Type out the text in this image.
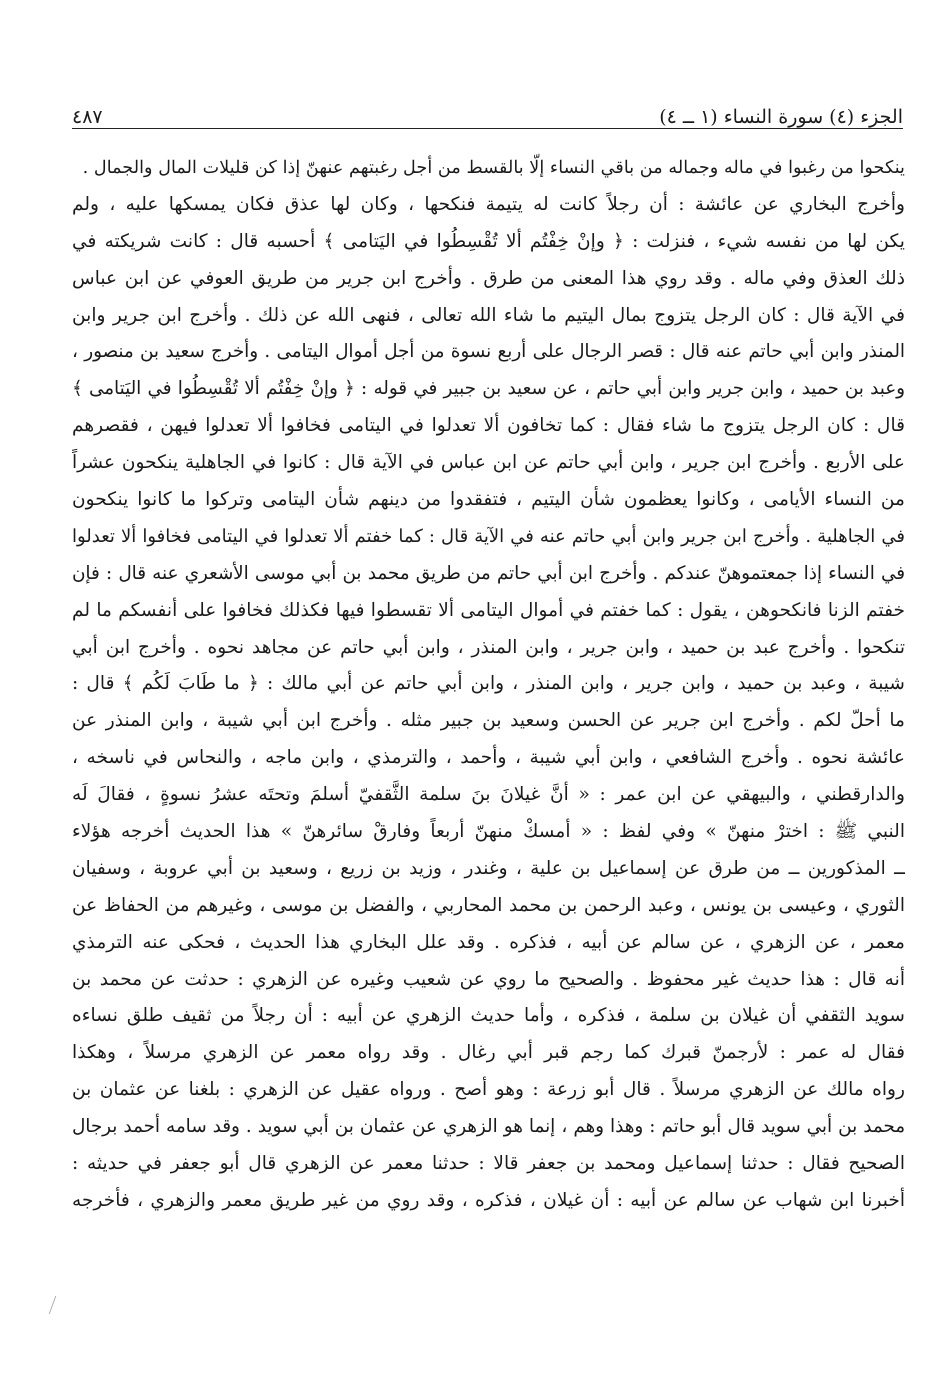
الجزء (٤) سورة النساء (١ ــ ٤)
٤٨٧
ينكحوا من رغبوا في ماله وجماله من باقي النساء إلّا بالقسط من أجل رغبتهم عنهنّ إذا كن قليلات المال والجمال .
وأخرج البخاري عن عائشة : أن رجلاً كانت له يتيمة فنكحها ، وكان لها عذق فكان يمسكها عليه ، ولم
يكن لها من نفسه شيء ، فنزلت : ﴿ وإنْ خِفْتُم ألا تُقْسِطُوا في اليَتامى ﴾ أحسبه قال : كانت شريكته في
ذلك العذق وفي ماله . وقد روي هذا المعنى من طرق . وأخرج ابن جرير من طريق العوفي عن ابن عباس
في الآية قال : كان الرجل يتزوج بمال اليتيم ما شاء الله تعالى ، فنهى الله عن ذلك . وأخرج ابن جرير وابن
المنذر وابن أبي حاتم عنه قال : قصر الرجال على أربع نسوة من أجل أموال اليتامى . وأخرج سعيد بن منصور ،
وعبد بن حميد ، وابن جرير وابن أبي حاتم ، عن سعيد بن جبير في قوله : ﴿ وإنْ خِفْتُم ألا تُقْسِطُوا في اليَتامى ﴾
قال : كان الرجل يتزوج ما شاء فقال : كما تخافون ألا تعدلوا في اليتامى فخافوا ألا تعدلوا فيهن ، فقصرهم
على الأربع . وأخرج ابن جرير ، وابن أبي حاتم عن ابن عباس في الآية قال : كانوا في الجاهلية ينكحون عشراً
من النساء الأيامى ، وكانوا يعظمون شأن اليتيم ، فتفقدوا من دينهم شأن اليتامى وتركوا ما كانوا ينكحون
في الجاهلية . وأخرج ابن جرير وابن أبي حاتم عنه في الآية قال : كما خفتم ألا تعدلوا في اليتامى فخافوا ألا تعدلوا
في النساء إذا جمعتموهنّ عندكم . وأخرج ابن أبي حاتم من طريق محمد بن أبي موسى الأشعري عنه قال : فإن
خفتم الزنا فانكحوهن ، يقول : كما خفتم في أموال اليتامى ألا تقسطوا فيها فكذلك فخافوا على أنفسكم ما لم
تنكحوا . وأخرج عبد بن حميد ، وابن جرير ، وابن المنذر ، وابن أبي حاتم عن مجاهد نحوه . وأخرج ابن أبي
شيبة ، وعبد بن حميد ، وابن جرير ، وابن المنذر ، وابن أبي حاتم عن أبي مالك : ﴿ ما طَابَ لَكُم ﴾ قال :
ما أحلّ لكم . وأخرج ابن جرير عن الحسن وسعيد بن جبير مثله . وأخرج ابن أبي شيبة ، وابن المنذر عن
عائشة نحوه . وأخرج الشافعي ، وابن أبي شيبة ، وأحمد ، والترمذي ، وابن ماجه ، والنحاس في ناسخه ،
والدارقطني ، والبيهقي عن ابن عمر : « أنَّ غيلانَ بنَ سلمة الثَّقفيّ أسلمَ وتحتَه عشرُ نسوةٍ ، فقالَ لَه
النبي ﷺ : اخترْ منهنّ » وفي لفظ : « أمسكْ منهنّ أربعاً وفارقْ سائرهنّ » هذا الحديث أخرجه هؤلاء
ــ المذكورين ــ من طرق عن إسماعيل بن علية ، وغندر ، وزيد بن زريع ، وسعيد بن أبي عروبة ، وسفيان
الثوري ، وعيسى بن يونس ، وعبد الرحمن بن محمد المحاربي ، والفضل بن موسى ، وغيرهم من الحفاظ عن
معمر ، عن الزهري ، عن سالم عن أبيه ، فذكره . وقد علل البخاري هذا الحديث ، فحكى عنه الترمذي
أنه قال : هذا حديث غير محفوظ . والصحيح ما روي عن شعيب وغيره عن الزهري : حدثت عن محمد بن
سويد الثقفي أن غيلان بن سلمة ، فذكره ، وأما حديث الزهري عن أبيه : أن رجلاً من ثقيف طلق نساءه
فقال له عمر : لأرجمنّ قبرك كما رجم قبر أبي رغال . وقد رواه معمر عن الزهري مرسلاً ، وهكذا
رواه مالك عن الزهري مرسلاً . قال أبو زرعة : وهو أصح . ورواه عقيل عن الزهري : بلغنا عن عثمان بن
محمد بن أبي سويد قال أبو حاتم : وهذا وهم ، إنما هو الزهري عن عثمان بن أبي سويد . وقد سامه أحمد برجال
الصحيح فقال : حدثنا إسماعيل ومحمد بن جعفر قالا : حدثنا معمر عن الزهري قال أبو جعفر في حديثه :
أخبرنا ابن شهاب عن سالم عن أبيه : أن غيلان ، فذكره ، وقد روي من غير طريق معمر والزهري ، فأخرجه
